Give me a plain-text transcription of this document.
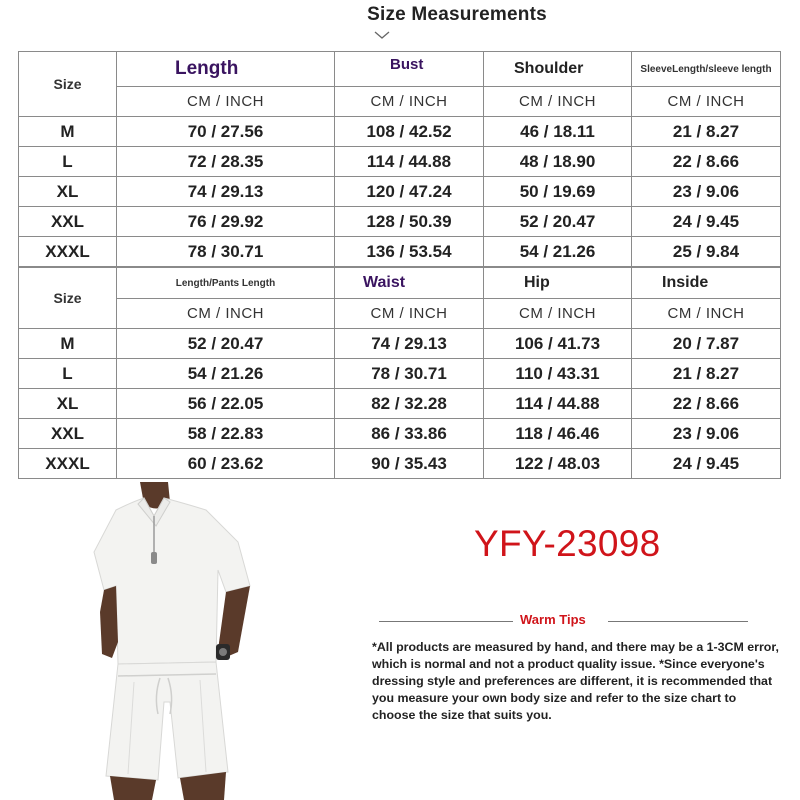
Size Measurements
Size	Length	Bust	Shoulder	SleeveLength/sleeve length
	CM / INCH	CM / INCH	CM / INCH	CM / INCH
M	70 / 27.56	108 / 42.52	46 / 18.11	21 / 8.27
L	72 / 28.35	114 / 44.88	48 / 18.90	22 / 8.66
XL	74 / 29.13	120 / 47.24	50 / 19.69	23 / 9.06
XXL	76 / 29.92	128 / 50.39	52 / 20.47	24 / 9.45
XXXL	78 / 30.71	136 / 53.54	54 / 21.26	25 / 9.84
Size	Length/Pants Length	Waist	Hip	Inside
	CM / INCH	CM / INCH	CM / INCH	CM / INCH
M	52 / 20.47	74 / 29.13	106 / 41.73	20 / 7.87
L	54 / 21.26	78 / 30.71	110 / 43.31	21 / 8.27
XL	56 / 22.05	82 / 32.28	114 / 44.88	22 / 8.66
XXL	58 / 22.83	86 / 33.86	118 / 46.46	23 / 9.06
XXXL	60 / 23.62	90 / 35.43	122 / 48.03	24 / 9.45
YFY-23098
Warm Tips
*All products are measured by hand, and there may be a 1-3CM error, which is normal and not a product quality issue. *Since everyone's dressing style and preferences are different, it is recommended that you measure your own body size and refer to the size chart to choose the size that suits you.
